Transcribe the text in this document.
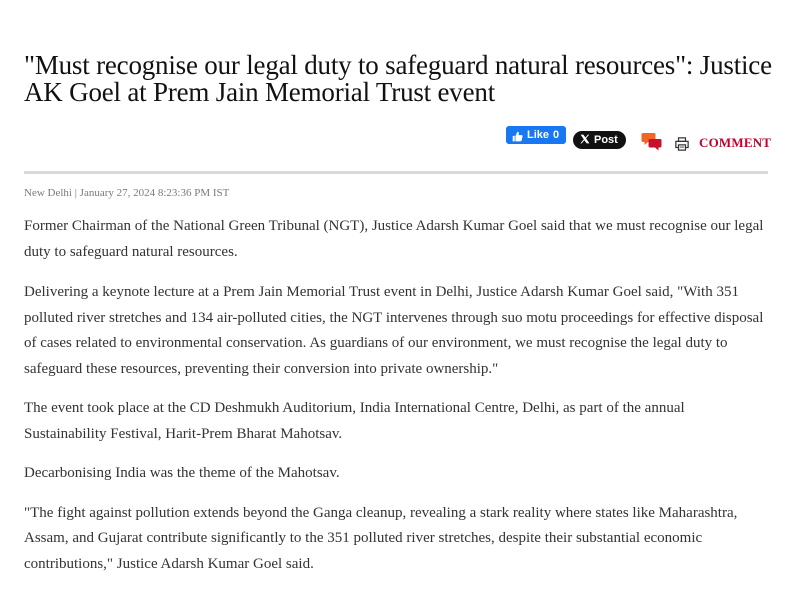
"Must recognise our legal duty to safeguard natural resources": Justice AK Goel at Prem Jain Memorial Trust event
Like 0	Post	COMMENT
New Delhi | January 27, 2024 8:23:36 PM IST

Former Chairman of the National Green Tribunal (NGT), Justice Adarsh Kumar Goel said that we must recognise our legal duty to safeguard natural resources.

Delivering a keynote lecture at a Prem Jain Memorial Trust event in Delhi, Justice Adarsh Kumar Goel said, "With 351 polluted river stretches and 134 air-polluted cities, the NGT intervenes through suo motu proceedings for effective disposal of cases related to environmental conservation. As guardians of our environment, we must recognise the legal duty to safeguard these resources, preventing their conversion into private ownership."

The event took place at the CD Deshmukh Auditorium, India International Centre, Delhi, as part of the annual Sustainability Festival, Harit-Prem Bharat Mahotsav.

Decarbonising India was the theme of the Mahotsav.

"The fight against pollution extends beyond the Ganga cleanup, revealing a stark reality where states like Maharashtra, Assam, and Gujarat contribute significantly to the 351 polluted river stretches, despite their substantial economic contributions," Justice Adarsh Kumar Goel said.
